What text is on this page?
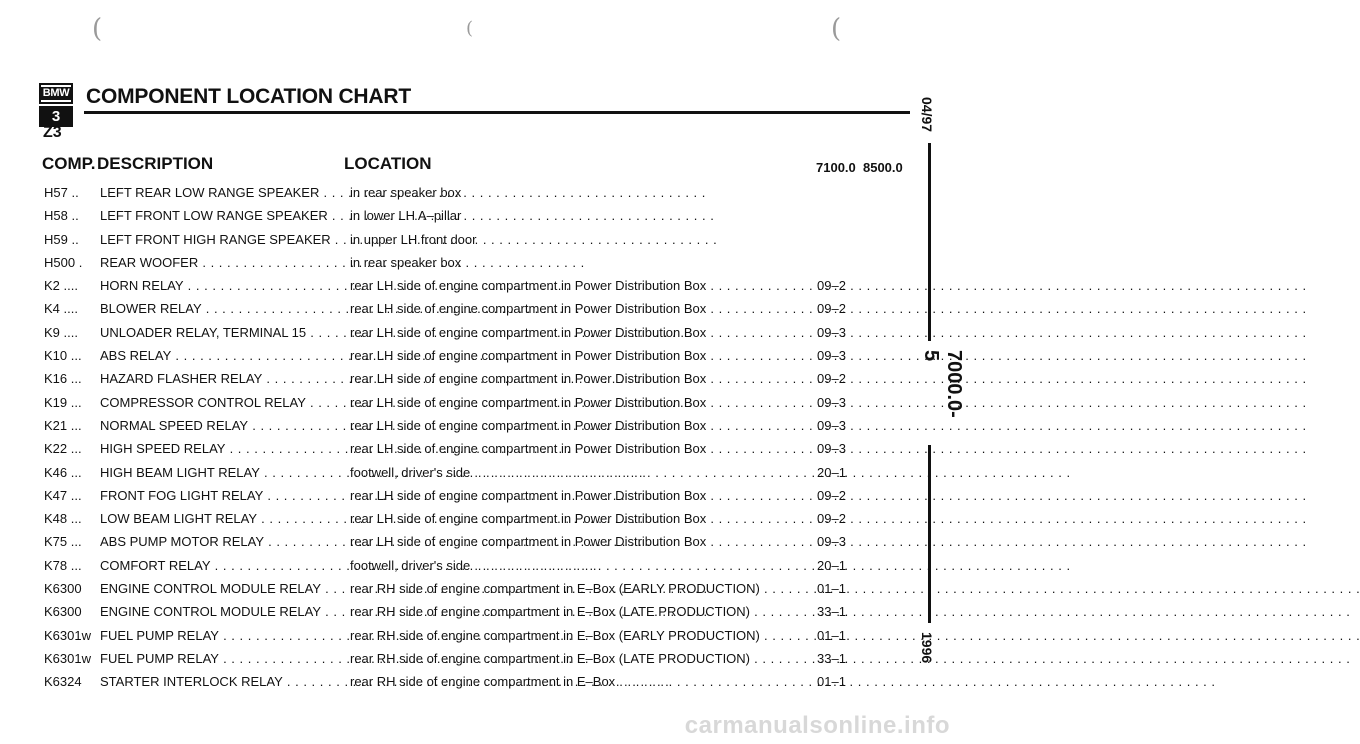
(	(	(
BMW
3
COMPONENT LOCATION CHART
Z3
COMP. DESCRIPTION	LOCATION	7100.0  8500.0
H57 .. LEFT REAR LOW RANGE SPEAKER . . .	in rear speaker box
H58 .. LEFT FRONT LOW RANGE SPEAKER . . .	in lower LH A–pillar
H59 .. LEFT FRONT HIGH RANGE SPEAKER . . .	in upper LH front door
H500 . REAR WOOFER . . .	in rear speaker box
K2 .... HORN RELAY . . .	rear LH side of engine compartment in Power Distribution Box . . .	09–2
K4 .... BLOWER RELAY . . .	rear LH side of engine compartment in Power Distribution Box . . .	09–2
K9 .... UNLOADER RELAY, TERMINAL 15 . . .	rear LH side of engine compartment in Power Distribution Box . . .	09–3
K10 ... ABS RELAY . . .	rear LH side of engine compartment in Power Distribution Box . . .	09–3
K16 ... HAZARD FLASHER RELAY . . .	rear LH side of engine compartment in Power Distribution Box . . .	09–2
K19 ... COMPRESSOR CONTROL RELAY . . .	rear LH side of engine compartment in Power Distribution Box . . .	09–3
K21 ... NORMAL SPEED RELAY . . .	rear LH side of engine compartment in Power Distribution Box . . .	09–3
K22 ... HIGH SPEED RELAY . . .	rear LH side of engine compartment in Power Distribution Box . . .	09–3
K46 ... HIGH BEAM LIGHT RELAY . . .	footwell, driver's side . . .	20–1
K47 ... FRONT FOG LIGHT RELAY . . .	rear LH side of engine compartment in Power Distribution Box . . .	09–2
K48 ... LOW BEAM LIGHT RELAY . . .	rear LH side of engine compartment in Power Distribution Box . . .	09–2
K75 ... ABS PUMP MOTOR RELAY . . .	rear LH side of engine compartment in Power Distribution Box . . .	09–3
K78 ... COMFORT RELAY . . .	footwell, driver's side . . .	20–1
K6300 ENGINE CONTROL MODULE RELAY . . .	rear RH side of engine compartment in E–Box (EARLY PRODUCTION) . . .	01–1
K6300 ENGINE CONTROL MODULE RELAY . . .	rear RH side of engine compartment in E–Box (LATE PRODUCTION) . . .	33–1
K6301w FUEL PUMP RELAY . . .	rear RH side of engine compartment in E–Box (EARLY PRODUCTION) . . .	01–1
K6301w FUEL PUMP RELAY . . .	rear RH side of engine compartment in E–Box (LATE PRODUCTION) . . .	33–1
K6324 STARTER INTERLOCK RELAY . . .	rear RH side of engine compartment in E–Box . . .	01–1
04/97
7000.0-5
1996
carmanualsonline.info
